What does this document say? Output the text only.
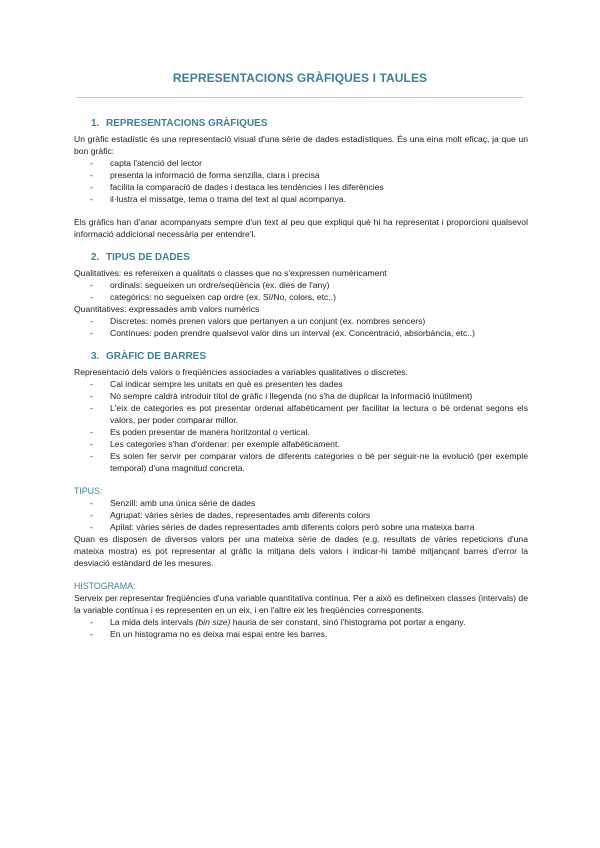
REPRESENTACIONS GRÀFIQUES I TAULES
1. REPRESENTACIONS GRÀFIQUES

Un gràfic estadístic és una representació visual d'una sèrie de dades estadístiques. És una eina molt eficaç, ja que un bon gràfic:

- capta l'atenció del lector
- presenta la informació de forma senzilla, clara i precisa
- facilita la comparació de dades i destaca les tendències i les diferències
- il·lustra el missatge, tema o trama del text al qual acompanya.

Els gràfics han d'anar acompanyats sempre d'un text al peu que expliqui què hi ha representat i proporcioni qualsevol informació addicional necessària per entendre'l.

2. TIPUS DE DADES

Qualitatives: es refereixen a qualitats o classes que no s'expressen numèricament

- ordinals: segueixen un ordre/seqüència (ex. dies de l'any)
- categòrics: no segueixen cap ordre (ex. Sí/No, colors, etc..)

Quantitatives: expressades amb valors numèrics

- Discretes: només prenen valors que pertanyen a un conjunt (ex. nombres sencers)
- Contínues: poden prendre qualsevol valor dins un interval (ex. Concentració, absorbància, etc..)
3. GRÀFIC DE BARRES

Representació dels valors o freqüències associades a variables qualitatives o discretes.

- Cal indicar sempre les unitats en què es presenten les dades
- No sempre caldrà introduir títol de gràfic i llegenda (no s'ha de duplicar la informació inútilment)
- L'eix de categories es pot presentar ordenat alfabèticament per facilitar la lectura o bé ordenat segons els valors, per poder comparar millor.
- Es poden presentar de manera horitzontal o vertical.
- Les categories s'han d'ordenar: per exemple alfabèticament.
- Es solen fer servir per comparar valors de diferents categories o bé per seguir-ne la evolució (per exemple temporal) d'una magnitud concreta.

TIPUS:

- Senzill: amb una única sèrie de dades
- Agrupat: vàries sèries de dades, representades amb diferents colors
- Apilat: vàries sèries de dades representades amb diferents colors però sobre una mateixa barra

Quan es disposen de diversos valors per una mateixa sèrie de dades (e.g. resultats de vàries repeticions d'una mateixa mostra) es pot representar al gràfic la mitjana dels valors i indicar-hi també mitjançant barres d'error la desviació estàndard de les mesures.

HISTOGRAMA:

Serveix per representar freqüències d'una variable quantitativa contínua. Per a això es defineixen classes (intervals) de la variable contínua i es representen en un eix, i en l'altre eix les freqüències corresponents.

- La mida dels intervals (bin size) hauria de ser constant, sinó l'histograma pot portar a engany.
- En un histograma no es deixa mai espai entre les barres.
